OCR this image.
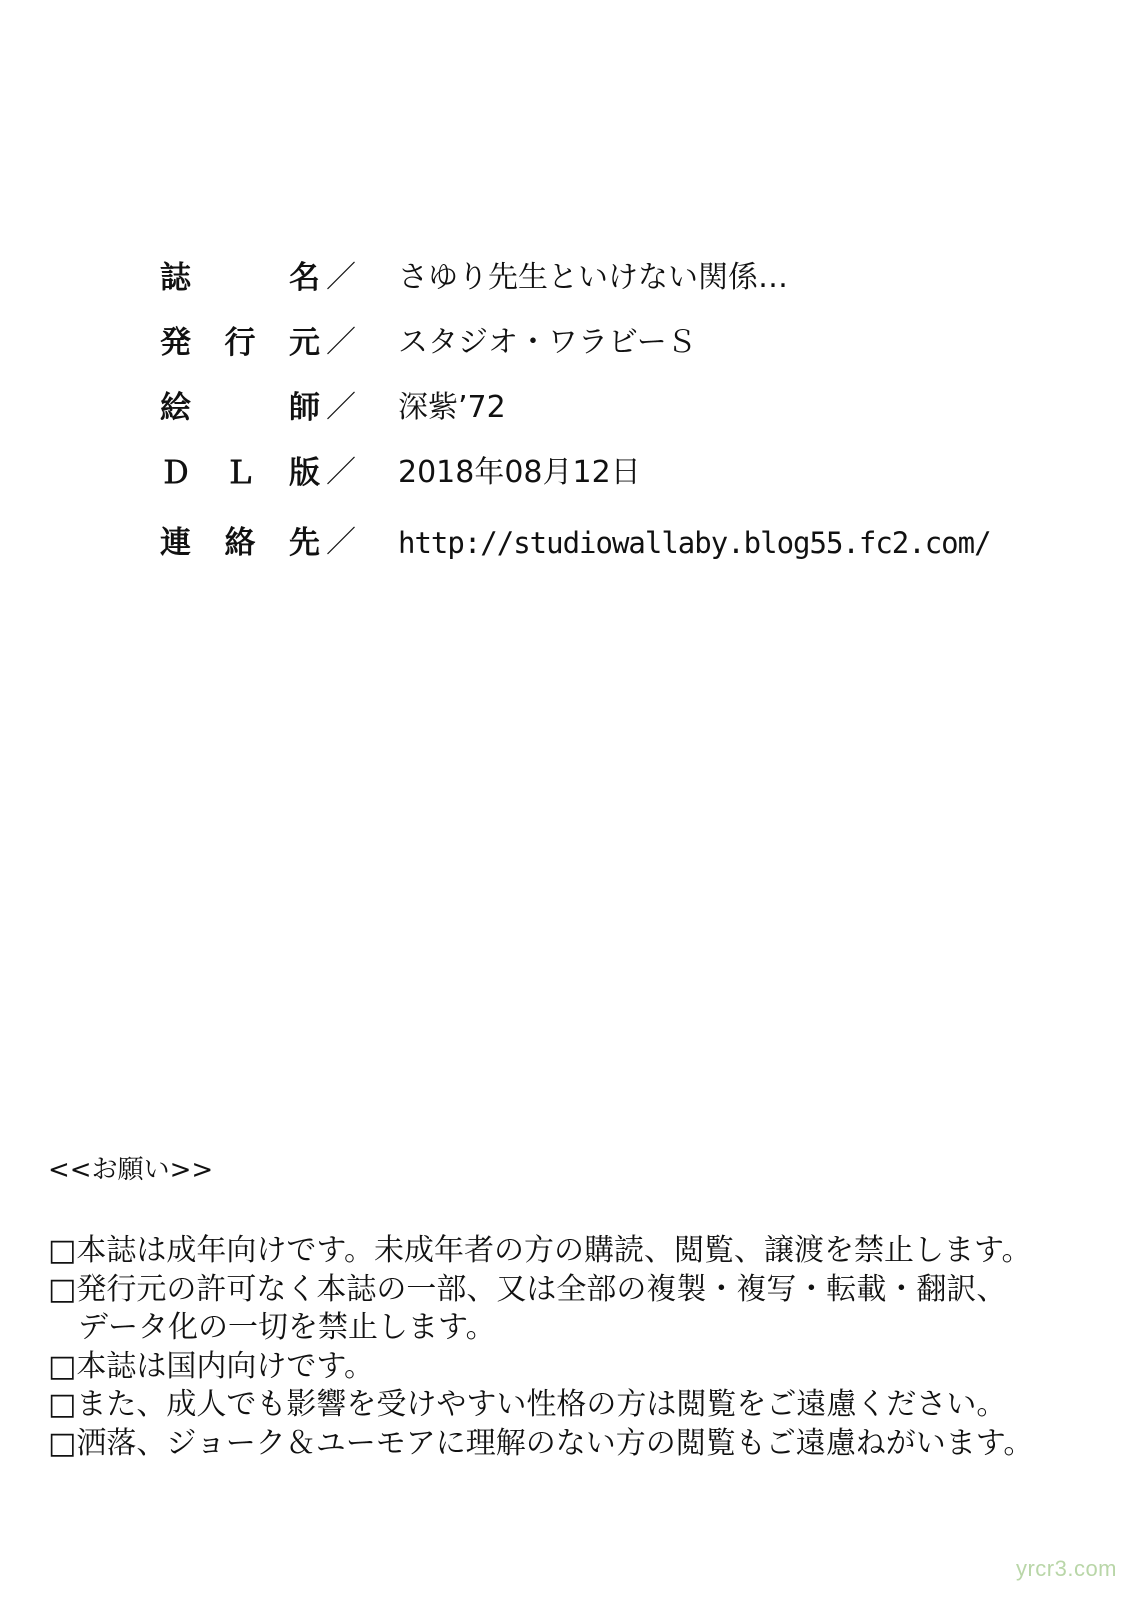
誌	名 ／ さゆり先生といけない関係…
発 行 元 ／ スタジオ・ワラビーＳ
絵	師 ／ 深紫’72
Ｄ Ｌ 版 ／ 2018年08月12日
連 絡 先 ／ http://studiowallaby.blog55.fc2.com/
<<お願い>>
□本誌は成年向けです。未成年者の方の購読、閲覧、譲渡を禁止します。
□発行元の許可なく本誌の一部、又は全部の複製・複写・転載・翻訳、
データ化の一切を禁止します。
□本誌は国内向けです。
□また、成人でも影響を受けやすい性格の方は閲覧をご遠慮ください。
□洒落、ジョーク＆ユーモアに理解のない方の閲覧もご遠慮ねがいます。
yrcr3.com
